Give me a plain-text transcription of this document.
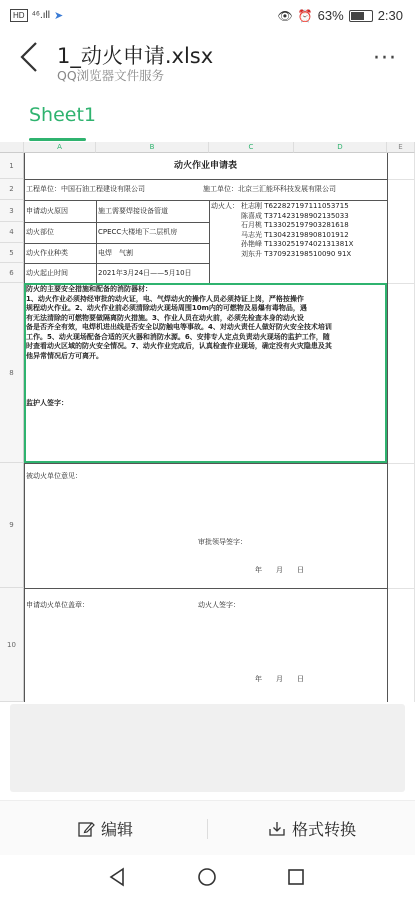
HD ⁴⁶.ıll ➤	👁 ⏰ 63%	2:30
1_动火申请.xlsx
QQ浏览器文件服务
···
Sheet1
A	B	C	D	E
1
2
3
4
5
6
8
9
10
动火作业申请表
工程单位：中国石油工程建设有限公司	施工单位：北京三汇能环科技发展有限公司
申请动火原因	施工需要焊接设备管道
动火部位	CPECC大楼地下二层机房
动火作业种类	电焊　气割
动火起止时间	2021年3月24日——5月10日
动火人： 杜志刚 T622827197111053715
陈喜成 T371423198902135033
石月桃 T133025197903281618
马志光 T130423198908101912
孙艳峰 T133025197402131381X
刘东升 T370923198510090 91X
防火的主要安全措施和配备的消防器材：
1、动火作业必须持经审批的动火证，电、气焊动火的操作人员必须持证上岗，严格按操作
规程动火作业。2、动火作业前必须清除动火现场周围10m内的可燃物及易爆有毒物品，遇
有无法清除的可燃物要做隔离防火措施。3、作业人员在动火前，必须先检查本身的动火设
备是否齐全有效，电焊机进出线是否安全以防触电等事故。4、对动火责任人做好防火安全技术培训
工作。5、动火现场配备合适的灭火器和消防水源。6、安排专人定点负责动火现场的监护工作，随
时查看动火区域的防火安全情况。7、动火作业完成后，认真检查作业现场，确定没有火灾隐患及其
他异常情况后方可离开。
监护人签字：
被动火单位意见：
审批领导签字：
年　　月　　日
申请动火单位盖章：	动火人签字：
年　　月　　日
编辑	格式转换
